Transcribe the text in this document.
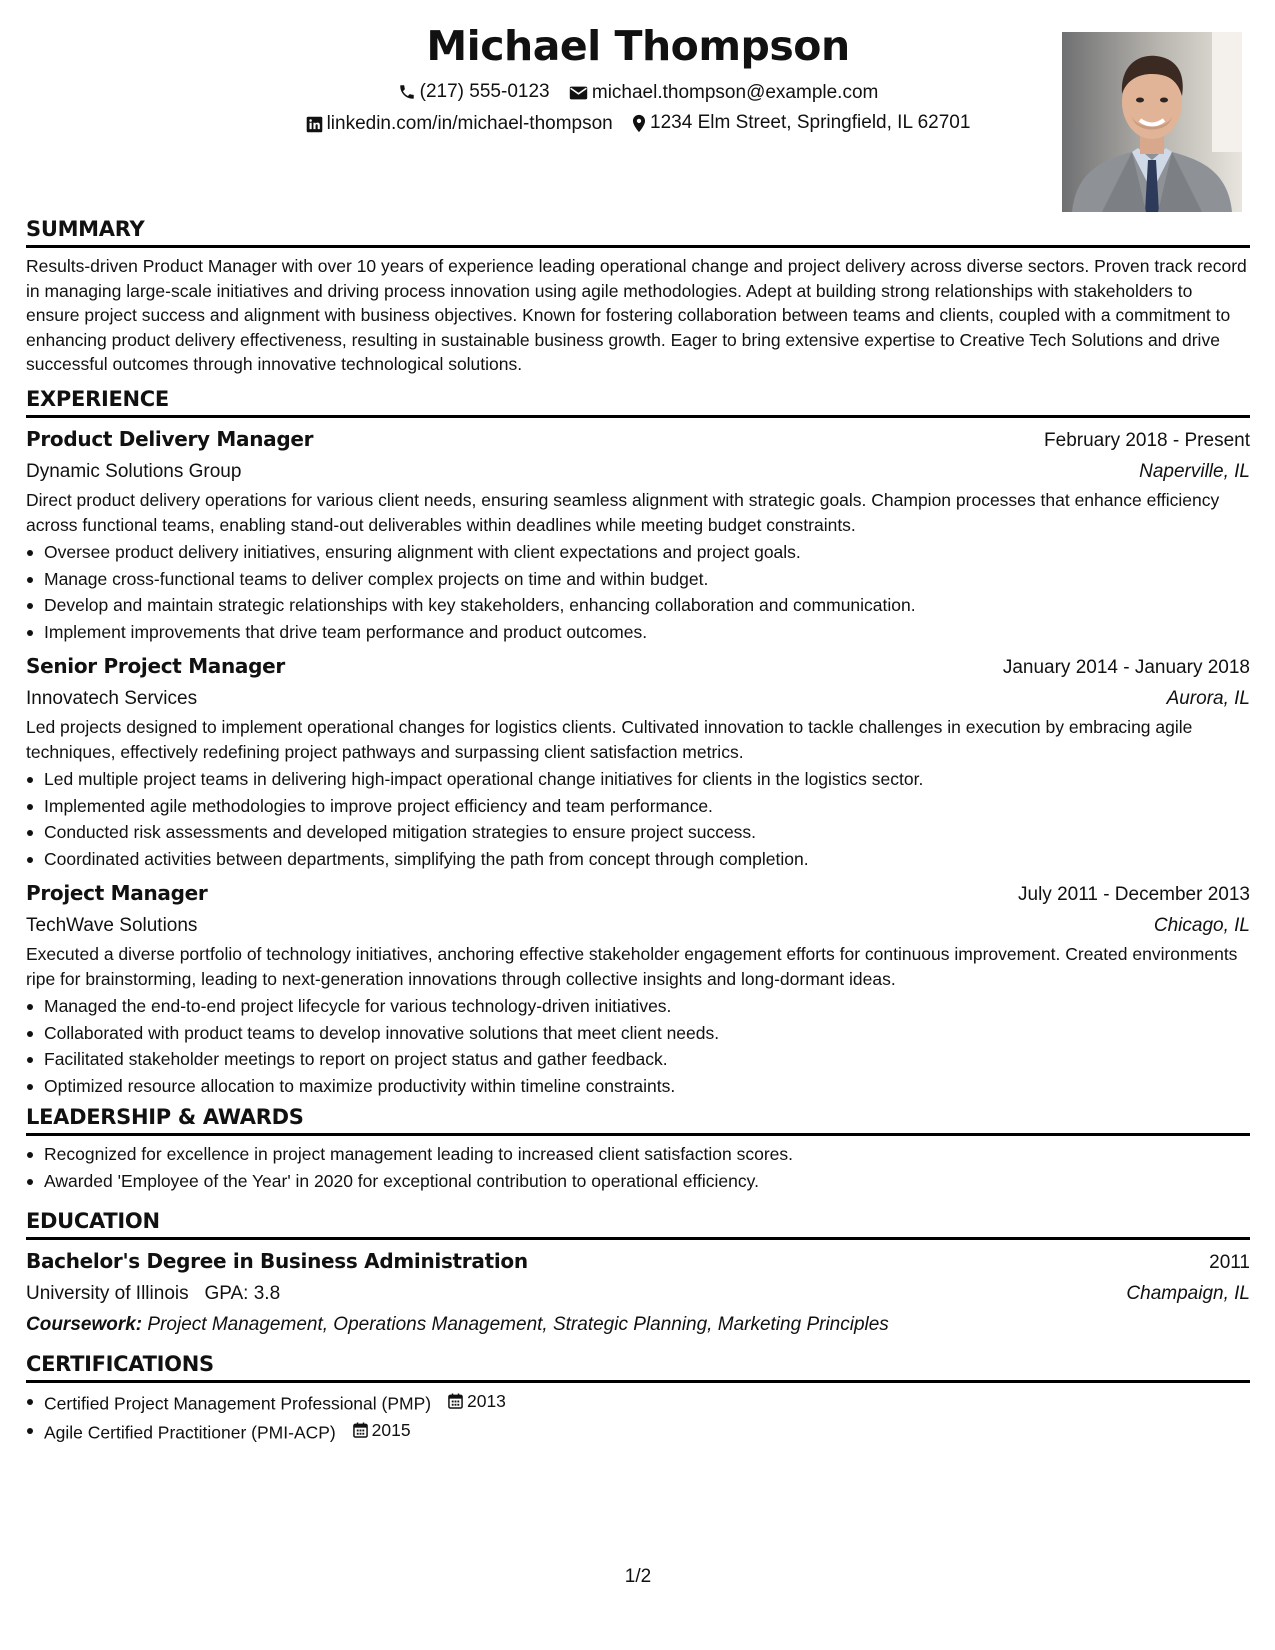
Michael Thompson
(217) 555-0123
michael.thompson@example.com
linkedin.com/in/michael-thompson
1234 Elm Street, Springfield, IL 62701
SUMMARY

Results-driven Product Manager with over 10 years of experience leading operational change and project delivery across diverse sectors. Proven track record in managing large-scale initiatives and driving process innovation using agile methodologies. Adept at building strong relationships with stakeholders to ensure project success and alignment with business objectives. Known for fostering collaboration between teams and clients, coupled with a commitment to enhancing product delivery effectiveness, resulting in sustainable business growth. Eager to bring extensive expertise to Creative Tech Solutions and drive successful outcomes through innovative technological solutions.

EXPERIENCE
Product Delivery Manager	February 2018 - Present
Dynamic Solutions Group	Naperville, IL

Direct product delivery operations for various client needs, ensuring seamless alignment with strategic goals. Champion processes that enhance efficiency across functional teams, enabling stand-out deliverables within deadlines while meeting budget constraints.

Oversee product delivery initiatives, ensuring alignment with client expectations and project goals.
Manage cross-functional teams to deliver complex projects on time and within budget.
Develop and maintain strategic relationships with key stakeholders, enhancing collaboration and communication.
Implement improvements that drive team performance and product outcomes.
Senior Project Manager	January 2014 - January 2018
Innovatech Services	Aurora, IL

Led projects designed to implement operational changes for logistics clients. Cultivated innovation to tackle challenges in execution by embracing agile techniques, effectively redefining project pathways and surpassing client satisfaction metrics.

Led multiple project teams in delivering high-impact operational change initiatives for clients in the logistics sector.
Implemented agile methodologies to improve project efficiency and team performance.
Conducted risk assessments and developed mitigation strategies to ensure project success.
Coordinated activities between departments, simplifying the path from concept through completion.
Project Manager	July 2011 - December 2013
TechWave Solutions	Chicago, IL

Executed a diverse portfolio of technology initiatives, anchoring effective stakeholder engagement efforts for continuous improvement. Created environments ripe for brainstorming, leading to next-generation innovations through collective insights and long-dormant ideas.

Managed the end-to-end project lifecycle for various technology-driven initiatives.
Collaborated with product teams to develop innovative solutions that meet client needs.
Facilitated stakeholder meetings to report on project status and gather feedback.
Optimized resource allocation to maximize productivity within timeline constraints.
LEADERSHIP & AWARDS
Recognized for excellence in project management leading to increased client satisfaction scores.
Awarded 'Employee of the Year' in 2020 for exceptional contribution to operational efficiency.
EDUCATION
Bachelor's Degree in Business Administration	2011
University of Illinois GPA: 3.8	Champaign, IL
Coursework: Project Management, Operations Management, Strategic Planning, Marketing Principles
CERTIFICATIONS
Certified Project Management Professional (PMP) 2013
Agile Certified Practitioner (PMI-ACP) 2015
1/2
